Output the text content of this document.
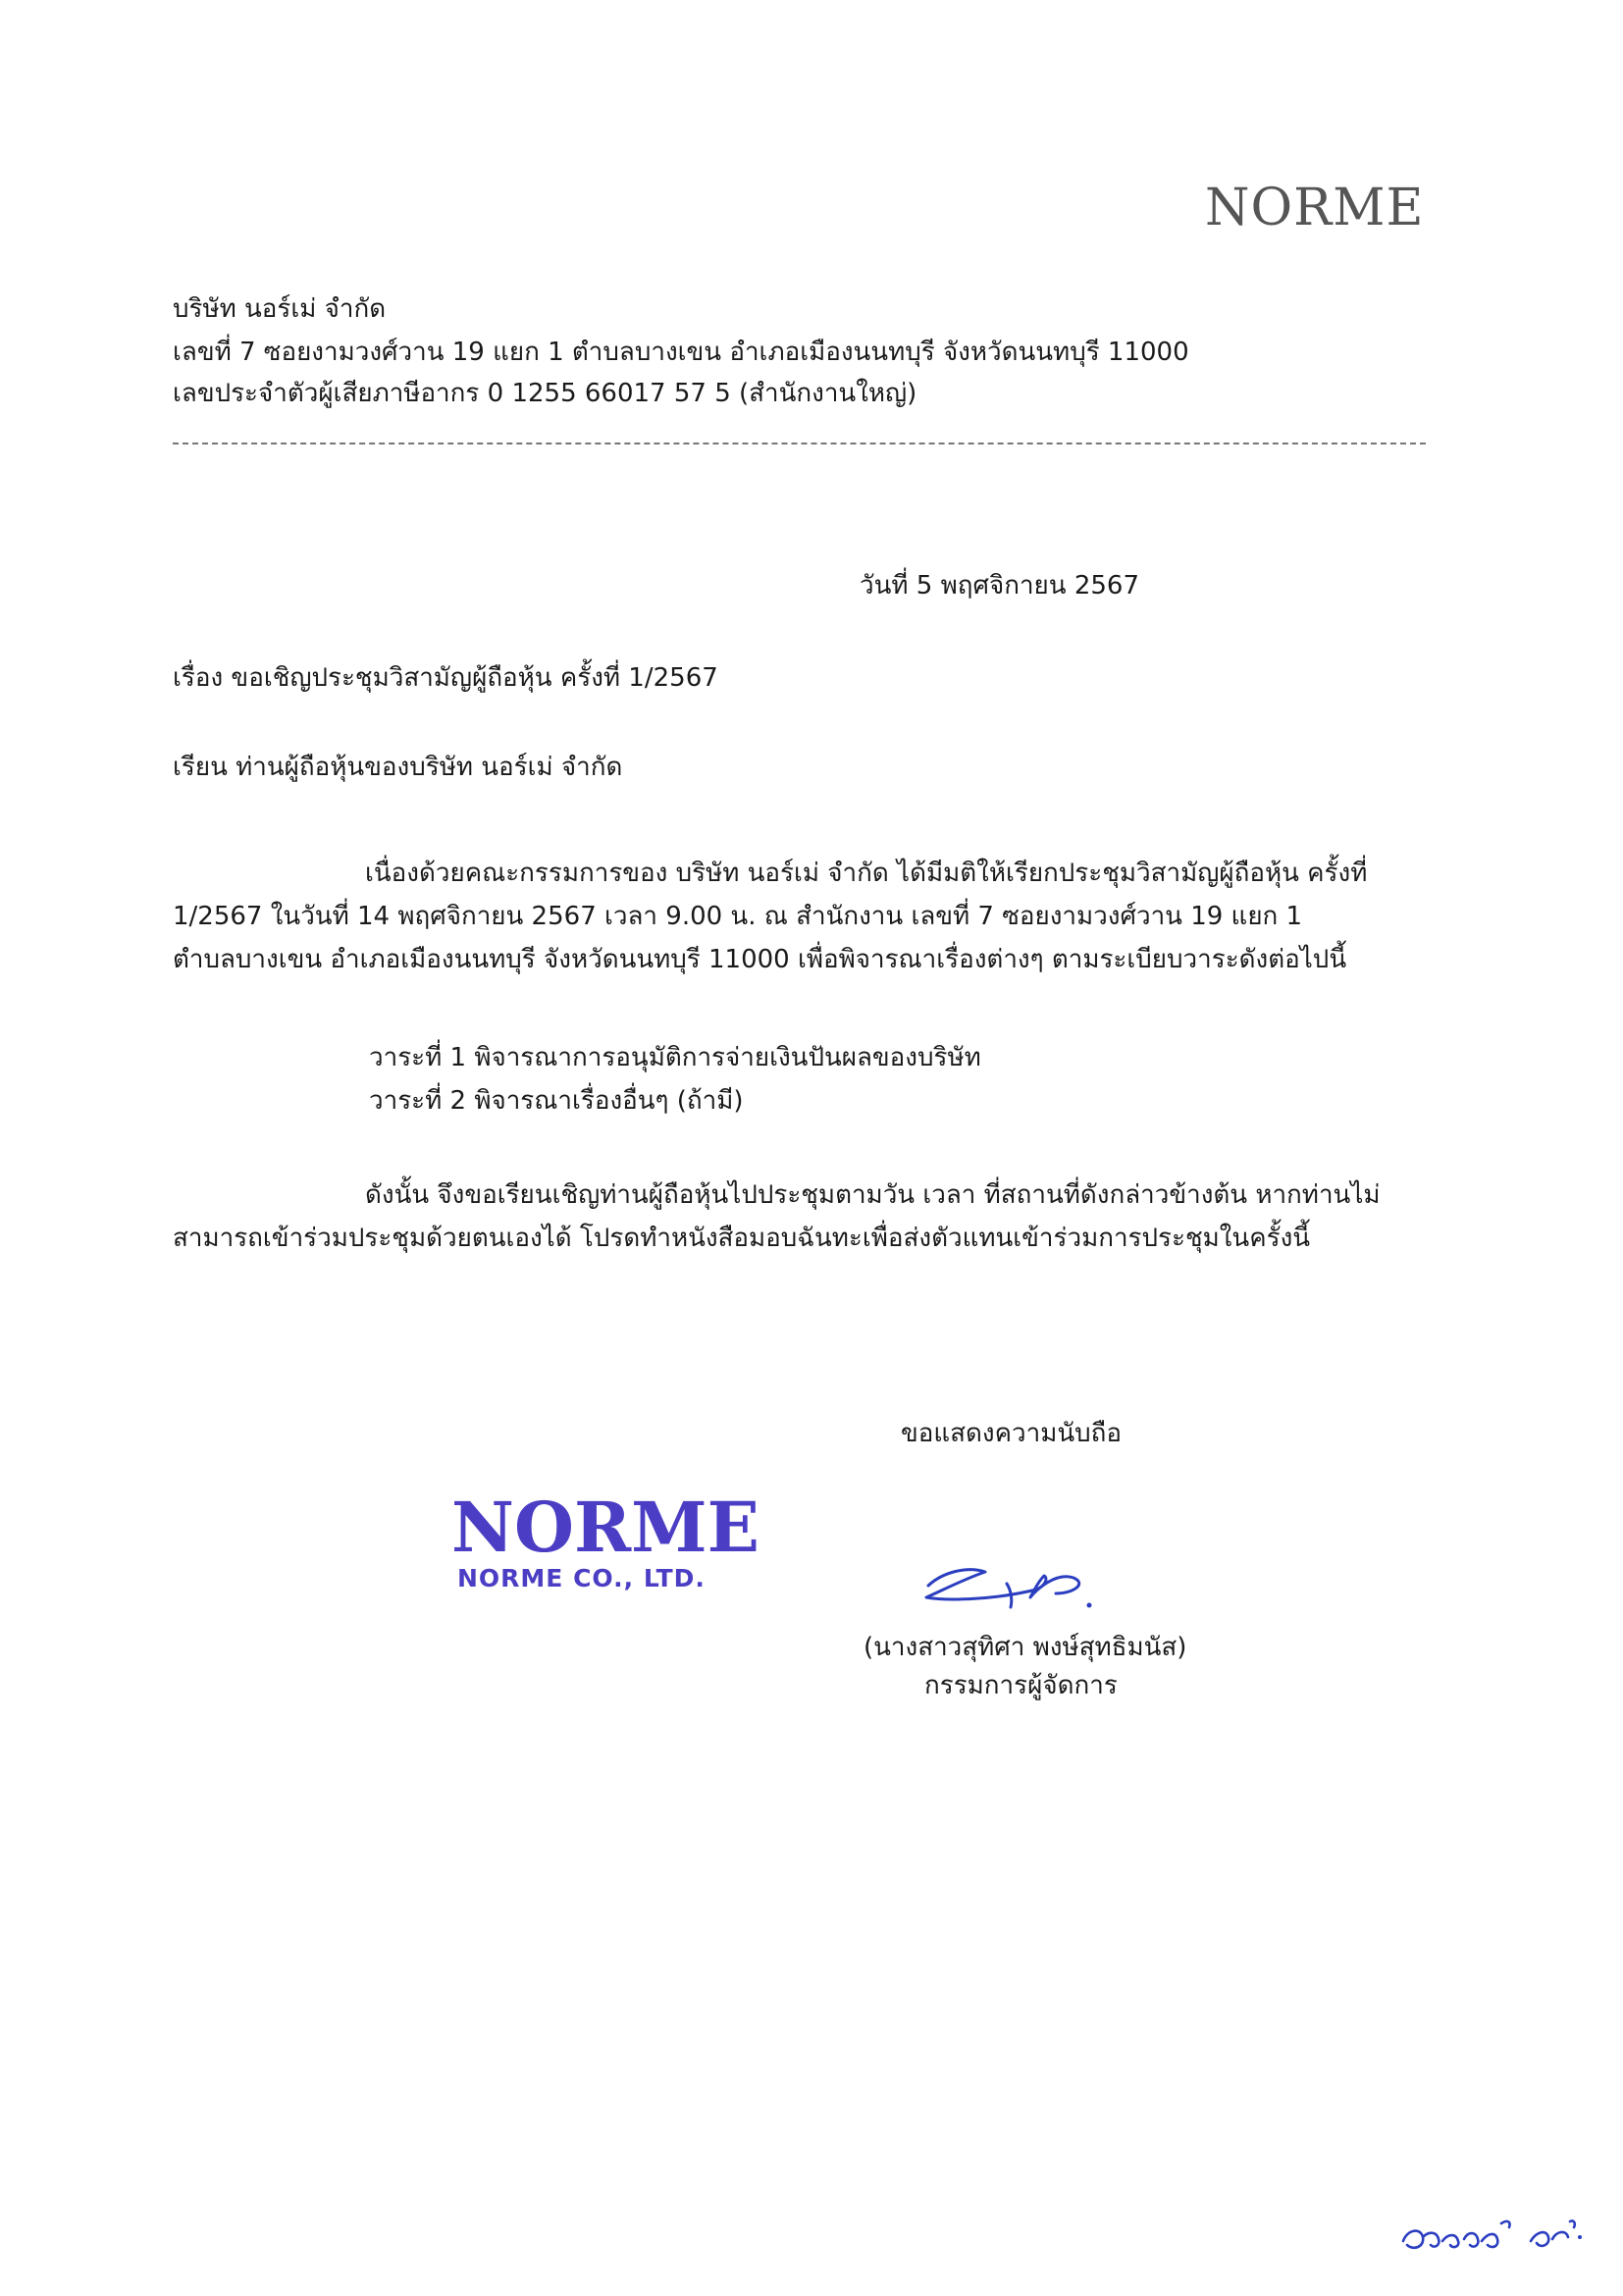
NORME
บริษัท นอร์เม่ จำกัด
เลขที่ 7 ซอยงามวงศ์วาน 19 แยก 1 ตำบลบางเขน อำเภอเมืองนนทบุรี จังหวัดนนทบุรี 11000
เลขประจำตัวผู้เสียภาษีอากร 0 1255 66017 57 5 (สำนักงานใหญ่)
วันที่ 5 พฤศจิกายน 2567
เรื่อง ขอเชิญประชุมวิสามัญผู้ถือหุ้น ครั้งที่ 1/2567
เรียน ท่านผู้ถือหุ้นของบริษัท นอร์เม่ จำกัด
เนื่องด้วยคณะกรรมการของ บริษัท นอร์เม่ จำกัด ได้มีมติให้เรียกประชุมวิสามัญผู้ถือหุ้น ครั้งที่
1/2567 ในวันที่ 14 พฤศจิกายน 2567 เวลา 9.00 น. ณ สำนักงาน เลขที่ 7 ซอยงามวงศ์วาน 19 แยก 1
ตำบลบางเขน อำเภอเมืองนนทบุรี จังหวัดนนทบุรี 11000 เพื่อพิจารณาเรื่องต่างๆ ตามระเบียบวาระดังต่อไปนี้
วาระที่ 1 พิจารณาการอนุมัติการจ่ายเงินปันผลของบริษัท
วาระที่ 2 พิจารณาเรื่องอื่นๆ (ถ้ามี)
ดังนั้น จึงขอเรียนเชิญท่านผู้ถือหุ้นไปประชุมตามวัน เวลา ที่สถานที่ดังกล่าวข้างต้น หากท่านไม่
สามารถเข้าร่วมประชุมด้วยตนเองได้ โปรดทำหนังสือมอบฉันทะเพื่อส่งตัวแทนเข้าร่วมการประชุมในครั้งนี้
ขอแสดงความนับถือ
NORME
NORME CO., LTD.
(นางสาวสุทิศา พงษ์สุทธิมนัส)
กรรมการผู้จัดการ
